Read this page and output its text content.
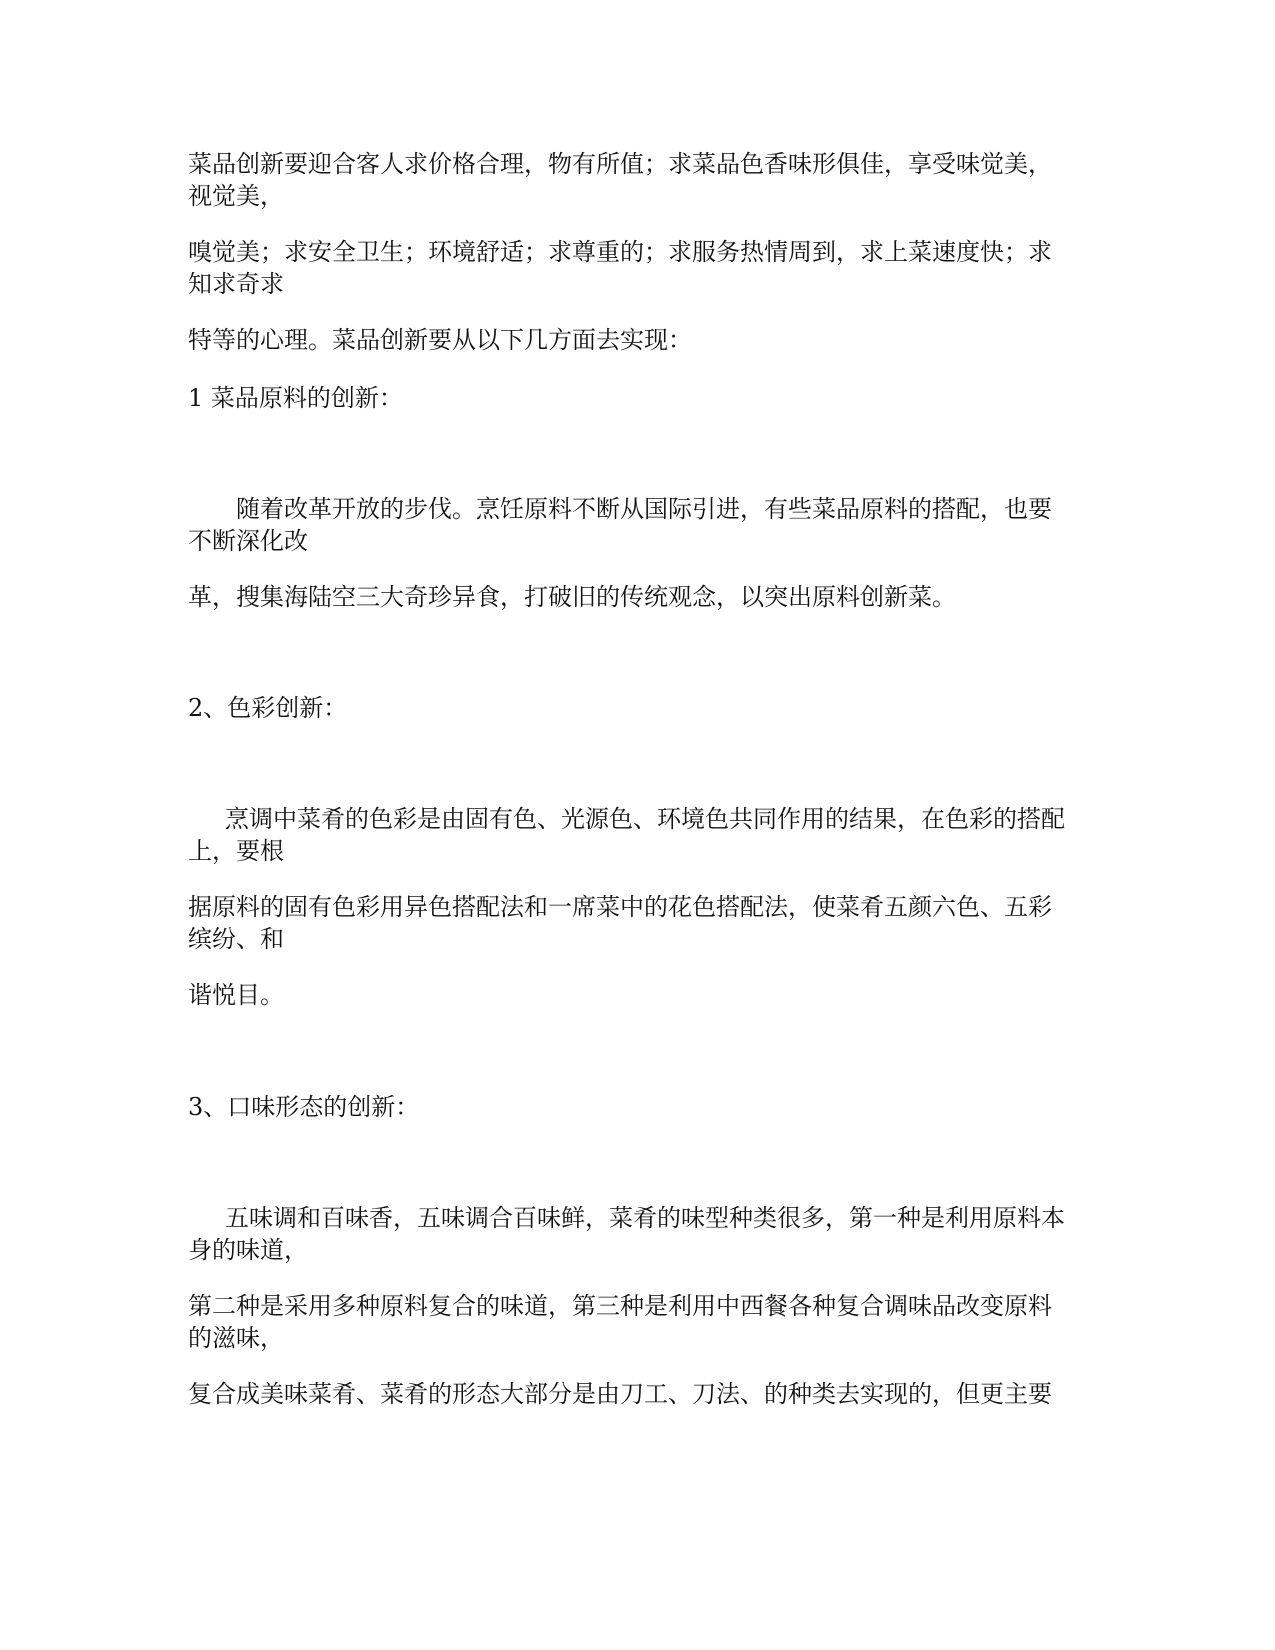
菜品创新要迎合客人求价格合理，物有所值；求菜品色香味形俱佳，享受味觉美，
视觉美，

嗅觉美；求安全卫生；环境舒适；求尊重的；求服务热情周到，求上菜速度快；求
知求奇求

特等的心理。菜品创新要从以下几方面去实现：

1 菜品原料的创新：

随着改革开放的步伐。烹饪原料不断从国际引进，有些菜品原料的搭配，也要
不断深化改

革，搜集海陆空三大奇珍异食，打破旧的传统观念，以突出原料创新菜。

2、色彩创新：

烹调中菜肴的色彩是由固有色、光源色、环境色共同作用的结果，在色彩的搭配
上，要根

据原料的固有色彩用异色搭配法和一席菜中的花色搭配法，使菜肴五颜六色、五彩
缤纷、和

谐悦目。

3、口味形态的创新：

五味调和百味香，五味调合百味鲜，菜肴的味型种类很多，第一种是利用原料本
身的味道，

第二种是采用多种原料复合的味道，第三种是利用中西餐各种复合调味品改变原料
的滋味，

复合成美味菜肴、菜肴的形态大部分是由刀工、刀法、的种类去实现的，但更主要
